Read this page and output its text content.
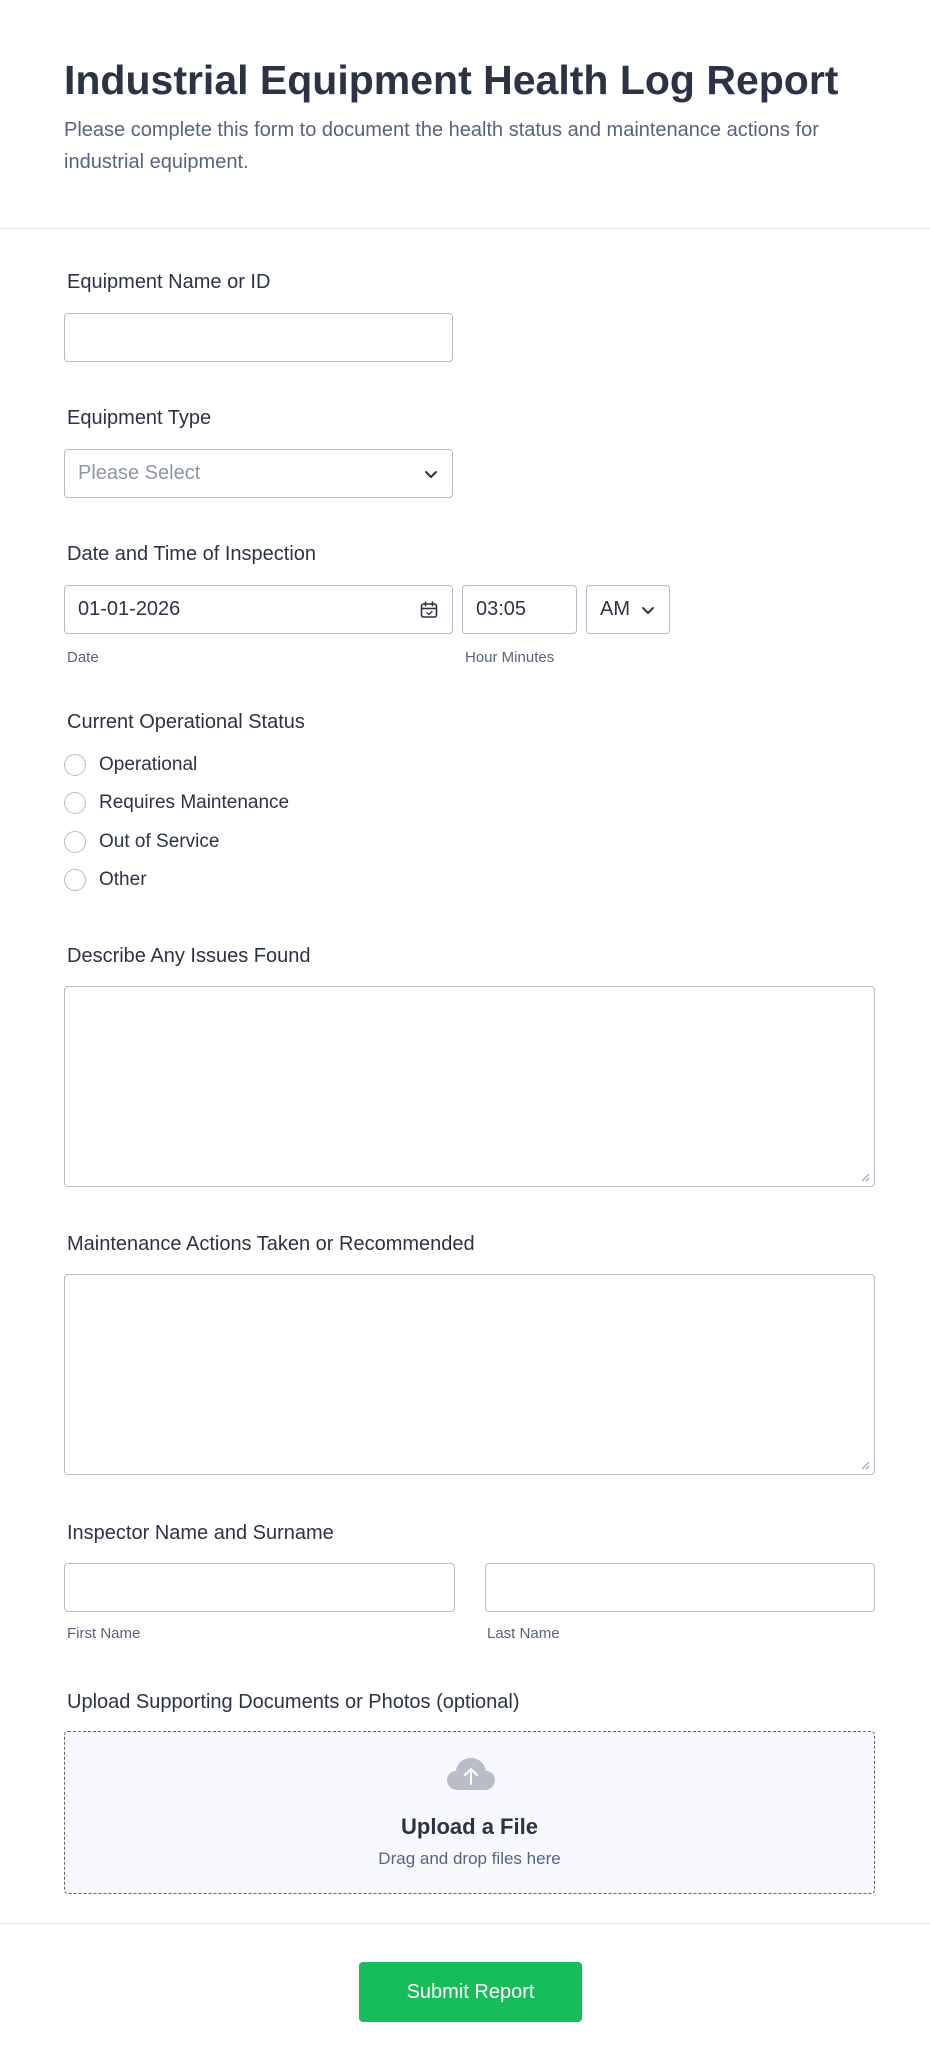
Industrial Equipment Health Log Report

Please complete this form to document the health status and maintenance actions for industrial equipment.

Equipment Name or ID
Equipment Type
Please Select
Date and Time of Inspection
01-01-2026	03:05	AM
Date	Hour Minutes
Current Operational Status
Operational
Requires Maintenance
Out of Service
Other
Describe Any Issues Found
Maintenance Actions Taken or Recommended
Inspector Name and Surname
First Name	Last Name
Upload Supporting Documents or Photos (optional)
Upload a File
Drag and drop files here
Submit Report
